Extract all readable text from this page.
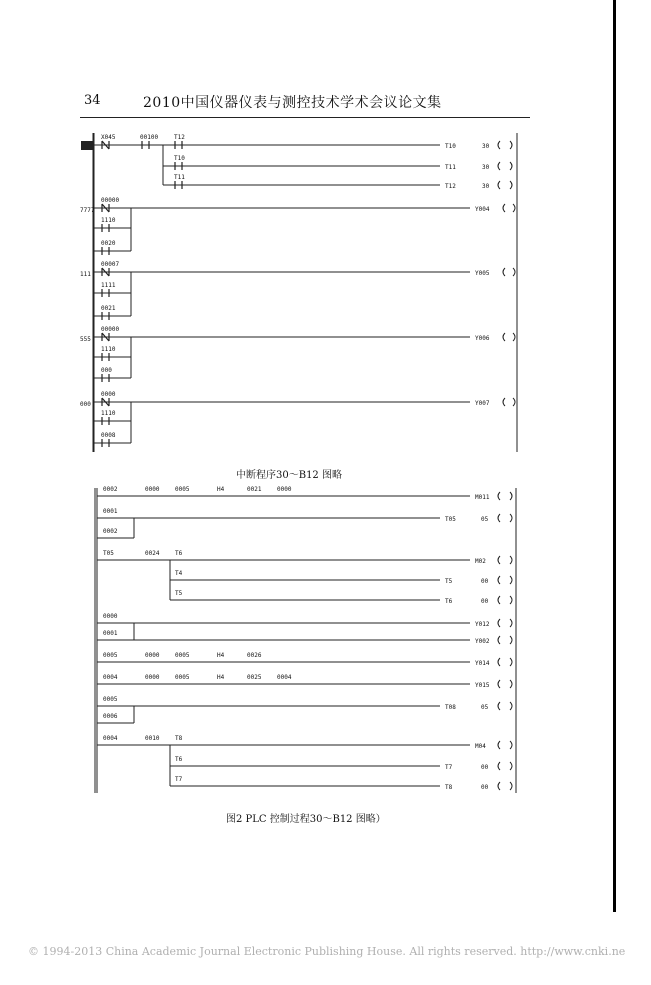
34	2010中国仪器仪表与测控技术学术会议论文集
7777
111
555
000
X045	00100	T12
T10
T11
00000
1110
0020
00007
1111
0021
00000
1110
000
0000
1110
0008
T10
T11
T12
Y004
Y005
Y006
Y007
30
30
30
中断程序30～B12 图略
0002	0000	0005	H4	0021	0000
0001
0002
T05	0024	T6
T4
T5
0000
0001
0005	0000	0005	H4	0026
0004	0000	0005	H4	0025	0004
0005
0006
0004	0010	T8
T6
T7
M011
T05
M02
T5
T6
Y012
Y002
Y014
Y015
T08
M04
T7
T8
05
00
00
05
00
00
图2 PLC 控制过程30～B12 图略）
© 1994-2013 China Academic Journal Electronic Publishing House. All rights reserved. http://www.cnki.ne
